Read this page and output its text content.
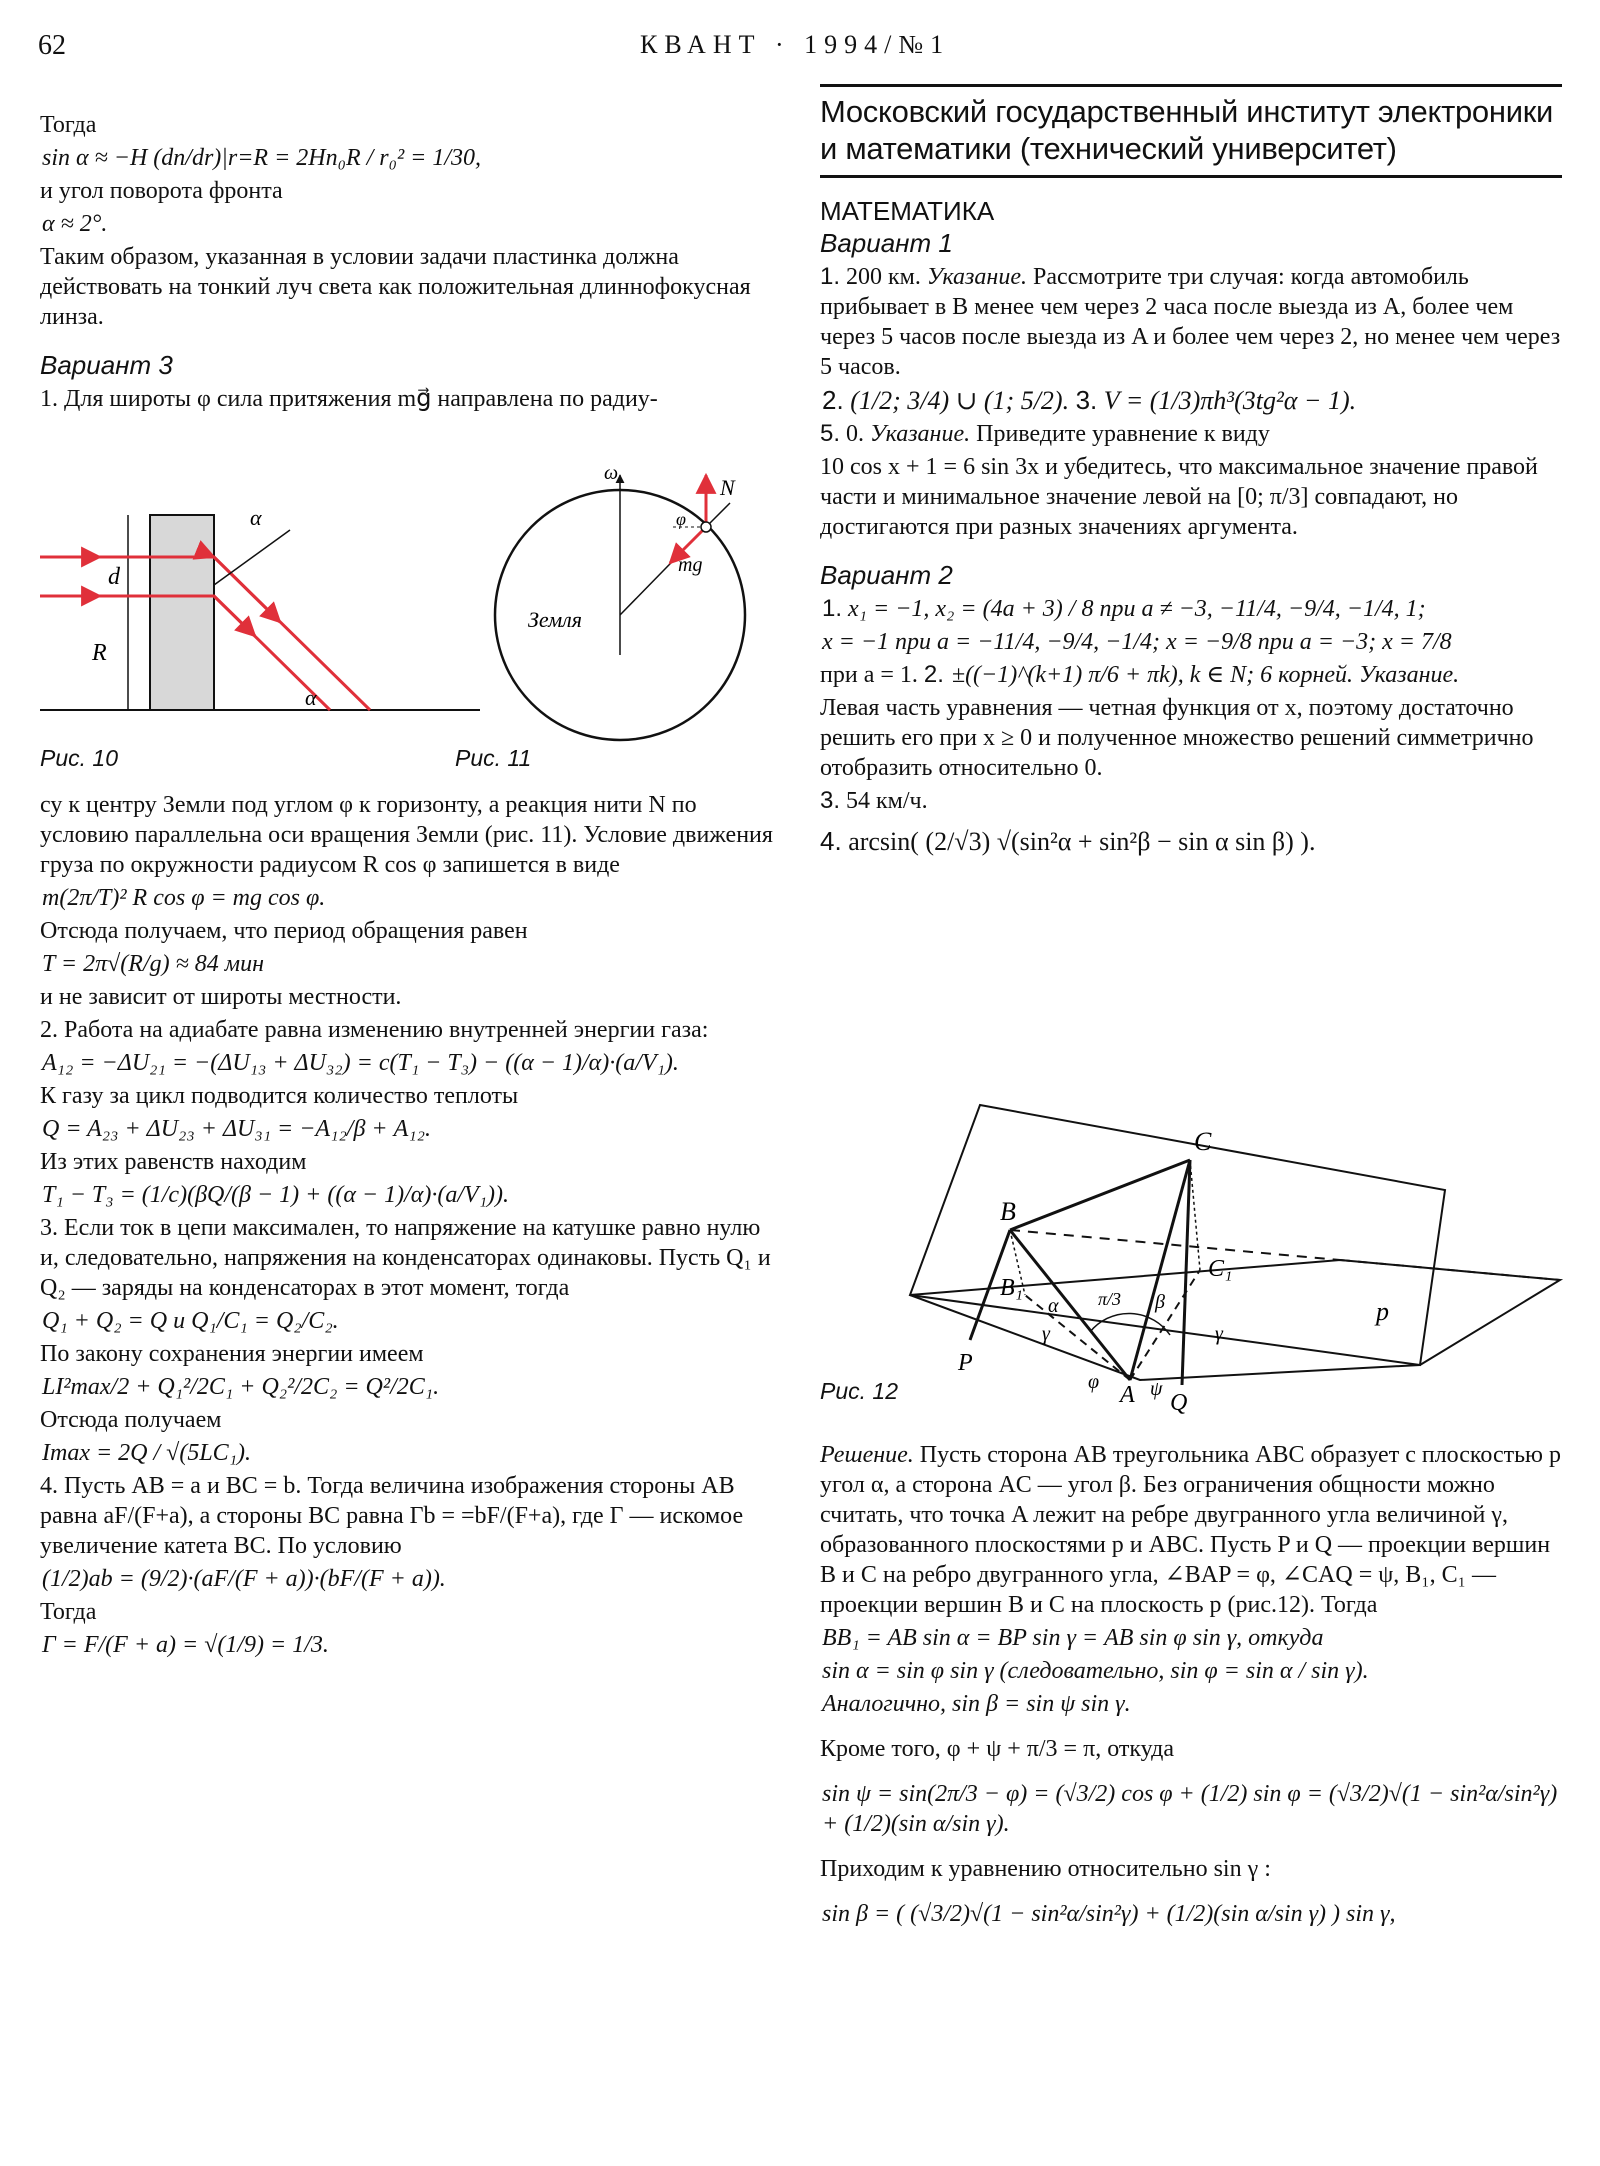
62	КВАНТ · 1994/№1

Тогда

sin α ≈ −H (dn/dr)|r=R = 2Hn₀R / r₀² = 1/30,

и угол поворота фронта

α ≈ 2°.

Таким образом, указанная в условии задачи пластинка должна действовать на тонкий луч света как положительная длиннофокусная линза.

Вариант 3

1. Для широты φ сила притяжения mg⃗ направлена по радиу-

α
d
R
α
Рис. 10
ω
N
φ
mg
Земля
Рис. 11

су к центру Земли под углом φ к горизонту, а реакция нити N по условию параллельна оси вращения Земли (рис. 11). Условие движения груза по окружности радиусом R cos φ запишется в виде

m(2π/T)² R cos φ = mg cos φ.

Отсюда получаем, что период обращения равен

T = 2π√(R/g) ≈ 84 мин

и не зависит от широты местности.

2. Работа на адиабате равна изменению внутренней энергии газа:

A₁₂ = −ΔU₂₁ = −(ΔU₁₃ + ΔU₃₂) = c(T₁ − T₃) − ((α − 1)/α)·(a/V₁).

К газу за цикл подводится количество теплоты

Q = A₂₃ + ΔU₂₃ + ΔU₃₁ = −A₁₂/β + A₁₂.

Из этих равенств находим

T₁ − T₃ = (1/c)(βQ/(β − 1) + ((α − 1)/α)·(a/V₁)).

3. Если ток в цепи максимален, то напряжение на катушке равно нулю и, следовательно, напряжения на конденсаторах одинаковы. Пусть Q₁ и Q₂ — заряды на конденсаторах в этот момент, тогда

Q₁ + Q₂ = Q и Q₁/C₁ = Q₂/C₂.

По закону сохранения энергии имеем

LI²max/2 + Q₁²/2C₁ + Q₂²/2C₂ = Q²/2C₁.

Отсюда получаем

Imax = 2Q / √(5LC₁).

4. Пусть AB = a и BC = b. Тогда величина изображения стороны AB равна aF/(F+a), а стороны BC равна Γb = =bF/(F+a), где Γ — искомое увеличение катета BC. По условию

(1/2)ab = (9/2)·(aF/(F + a))·(bF/(F + a)).

Тогда

Γ = F/(F + a) = √(1/9) = 1/3.

Московский государственный институт электроники и математики (технический университет)
МАТЕМАТИКА
Вариант 1

1. 200 км. Указание. Рассмотрите три случая: когда автомобиль прибывает в B менее чем через 2 часа после выезда из A, более чем через 5 часов после выезда из A и более чем через 2, но менее чем через 5 часов.

2. (1/2; 3/4) ∪ (1; 5/2). 3. V = (1/3)πh³(3tg²α − 1).

5. 0. Указание. Приведите уравнение к виду

10 cos x + 1 = 6 sin 3x и убедитесь, что максимальное значение правой части и минимальное значение левой на [0; π/3] совпадают, но достигаются при разных значениях аргумента.

Вариант 2

1. x₁ = −1, x₂ = (4a + 3) / 8 при a ≠ −3, −11/4, −9/4, −1/4, 1;

x = −1 при a = −11/4, −9/4, −1/4; x = −9/8 при a = −3; x = 7/8

при a = 1. 2. ±((−1)^(k+1) π/6 + πk), k ∈ N; 6 корней. Указание.

Левая часть уравнения — четная функция от x, поэтому достаточно решить его при x ≥ 0 и полученное множество решений симметрично отобразить относительно 0.

3. 54 км/ч.

4. arcsin( (2/√3) √(sin²α + sin²β − sin α sin β) ).

C
B
B₁
C₁
p
P
Q
A
α	β
π/3
γ	γ
φ	ψ
Рис. 12

Решение. Пусть сторона AB треугольника ABC образует с плоскостью p угол α, а сторона AC — угол β. Без ограничения общности можно считать, что точка A лежит на ребре двугранного угла величиной γ, образованного плоскостями p и ABC. Пусть P и Q — проекции вершин B и C на ребро двугранного угла, ∠BAP = φ, ∠CAQ = ψ, B₁, C₁ — проекции вершин B и C на плоскость p (рис.12). Тогда

BB₁ = AB sin α = BP sin γ = AB sin φ sin γ, откуда

sin α = sin φ sin γ (следовательно, sin φ = sin α / sin γ).

Аналогично, sin β = sin ψ sin γ.

Кроме того, φ + ψ + π/3 = π, откуда

sin ψ = sin(2π/3 − φ) = (√3/2) cos φ + (1/2) sin φ = (√3/2)√(1 − sin²α/sin²γ) + (1/2)(sin α/sin γ).

Приходим к уравнению относительно sin γ :

sin β = ( (√3/2)√(1 − sin²α/sin²γ) + (1/2)(sin α/sin γ) ) sin γ,
